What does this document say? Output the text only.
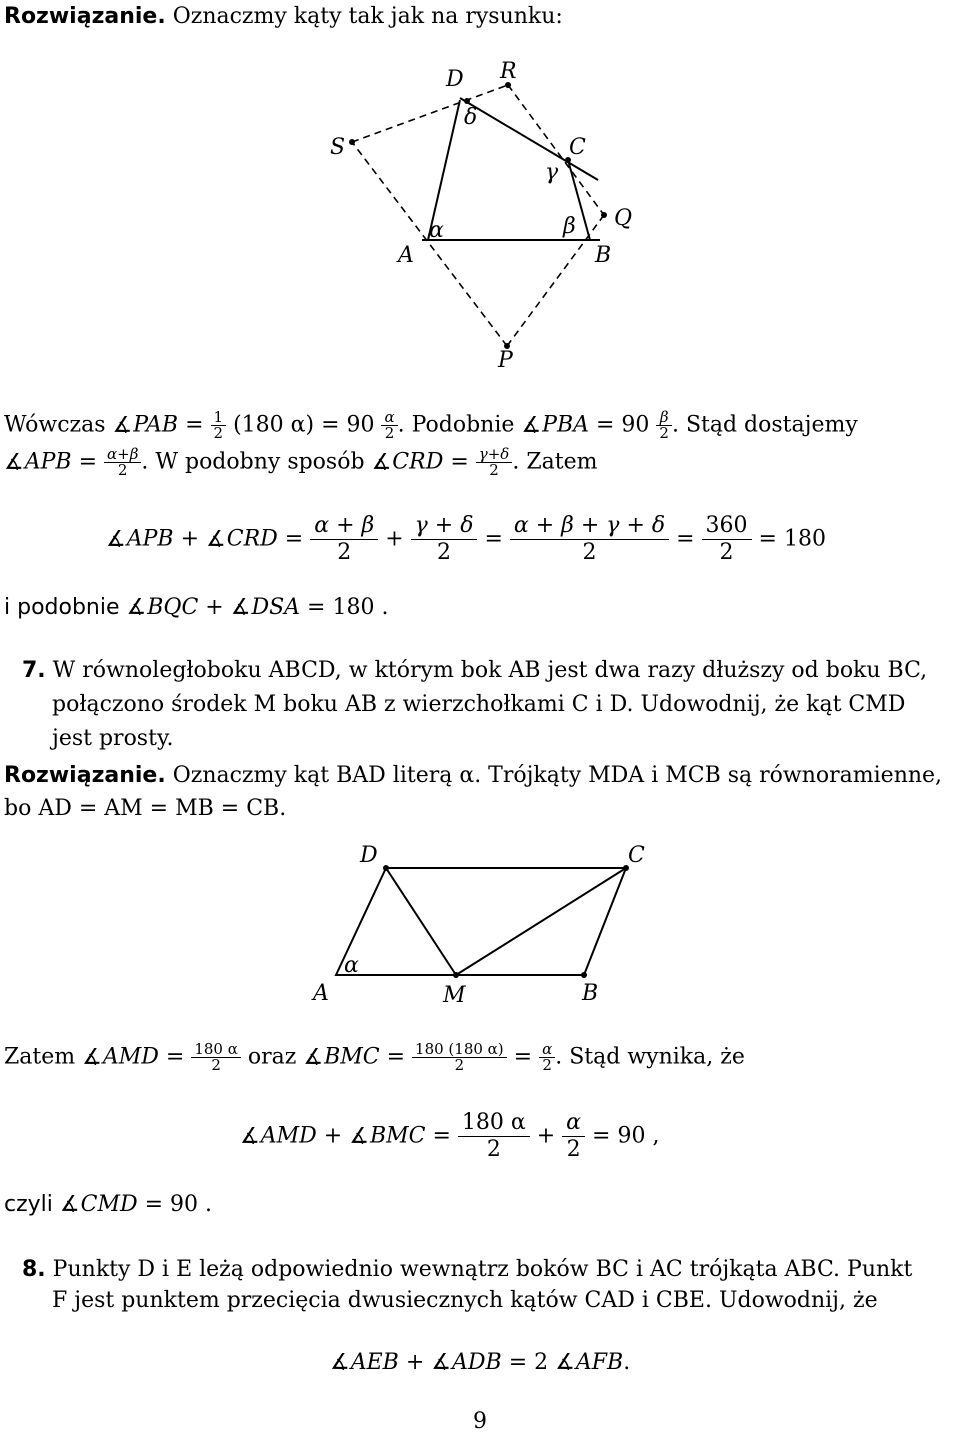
Rozwiązanie. Oznaczmy kąty tak jak na rysunku:
D R
S	C
Q
A	B
P
δ
γ
α	β
Wówczas ∡PAB = $\frac{1}{2} (180$ $\alpha) = 90 \frac{\alpha}{2}$ . Podobnie ∡PBA = $90 \frac{\beta}{2}$ . Stąd dostajemy
∡APB = $\frac{\alpha+\beta}{2}$ . W podobny sposób ∡CRD = $\frac{\gamma+\delta}{2}$ . Zatem
∡APB + ∡CRD = $\frac{\alpha + \beta}{2} + \frac{\gamma + \delta}{2} = \frac{\alpha + \beta + \gamma + \delta}{2} = \frac{360}{2} = 180$
i podobnie ∡BQC + ∡DSA = 180 .
7. W równoległoboku ABCD, w którym bok AB jest dwa razy dłuższy od boku BC,
połączono środek M boku AB z wierzchołkami C i D. Udowodnij, że kąt CMD
jest prosty.
Rozwiązanie. Oznaczmy kąt BAD literą α. Trójkąty MDA i MCB są równoramienne,
bo AD = AM = MB = CB.
D	C
A	M	B
α
Zatem ∡AMD = $\frac{180 \alpha}{2}$ oraz ∡BMC = $\frac{180 (180 \alpha)}{2} = \frac{\alpha}{2}$ . Stąd wynika, że
∡AMD + ∡BMC = $\frac{180 \alpha}{2} + \frac{\alpha}{2} = 90$ ,
czyli ∡CMD = 90 .
8. Punkty D i E leżą odpowiednio wewnątrz boków BC i AC trójkąta ABC. Punkt
F jest punktem przecięcia dwusiecznych kątów CAD i CBE. Udowodnij, że
∡AEB + ∡ADB = 2 ∡AFB.
9
